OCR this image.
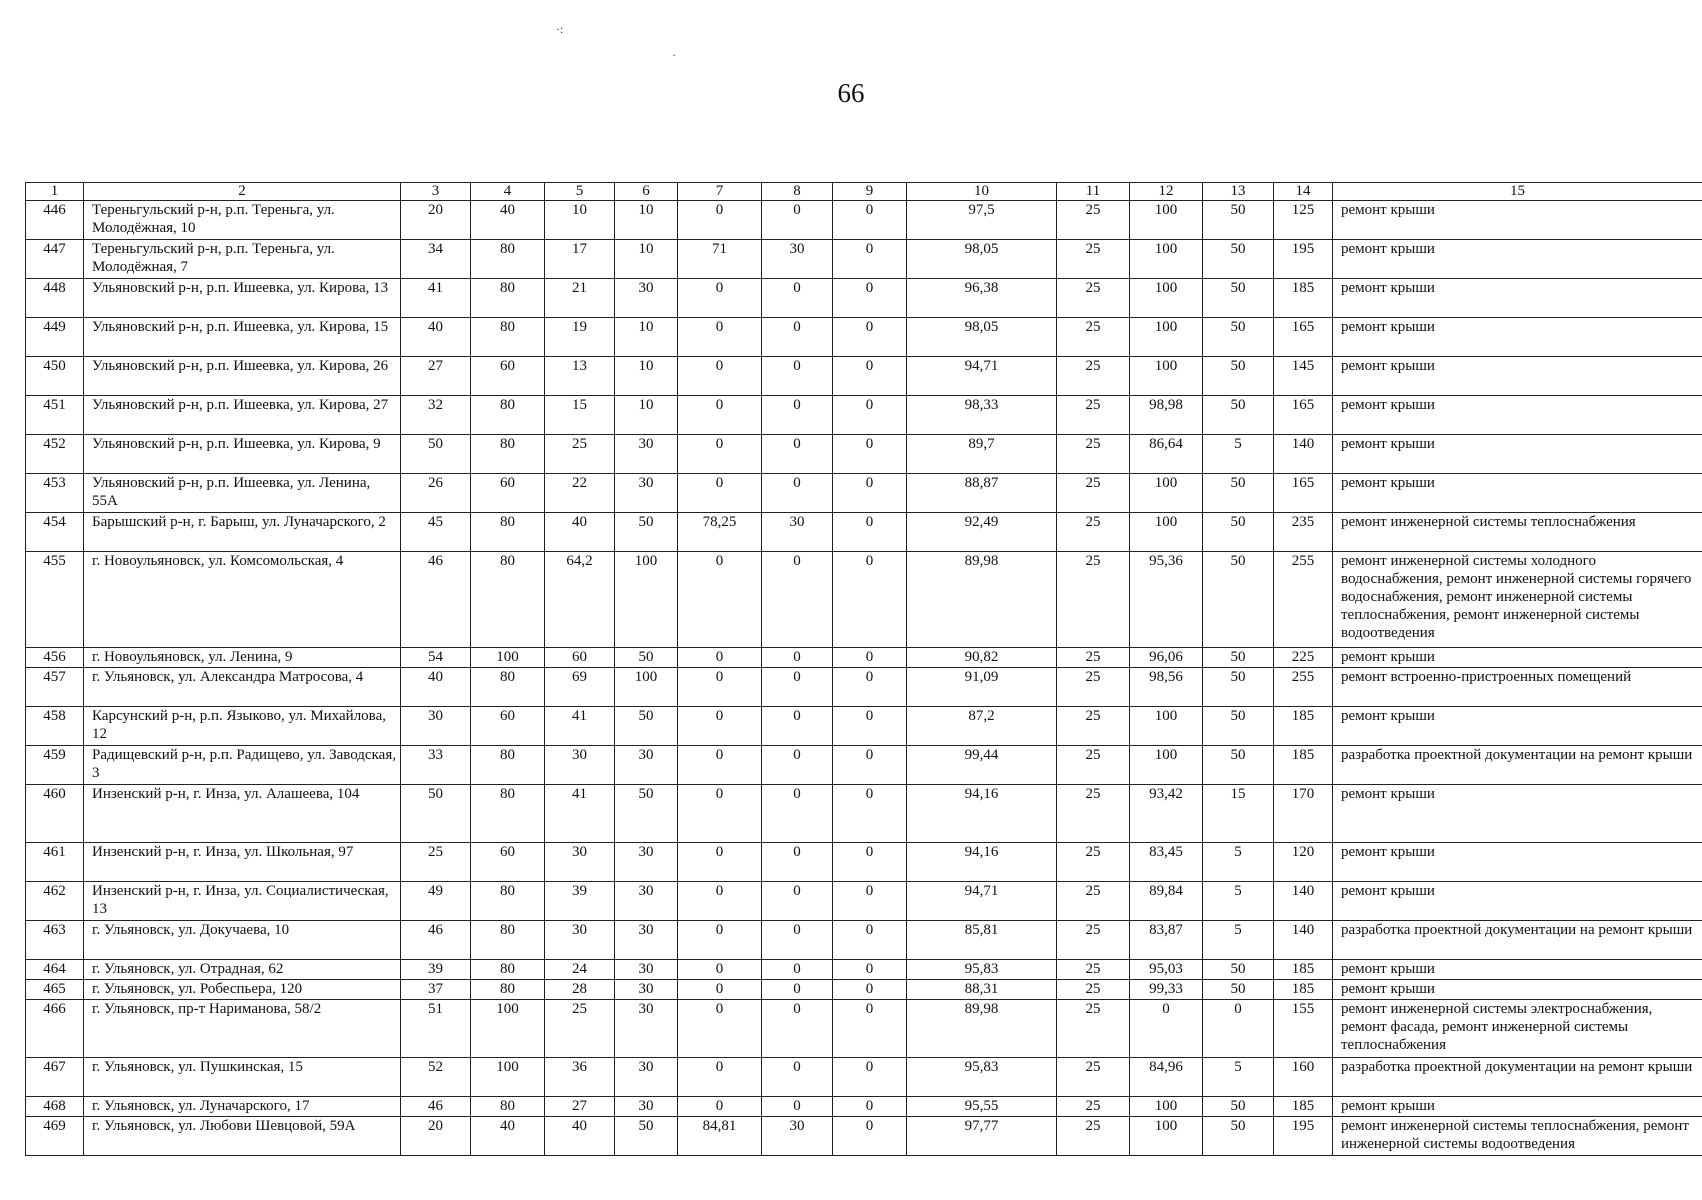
·:
·
66
1	2	3	4	5	6	7	8	9	10	11	12	13	14	15
446	Тереньгульский р-н, р.п. Тереньга, ул. Молодёжная, 10	20	40	10	10	0	0	0	97,5	25	100	50	125	ремонт крыши
447	Тереньгульский р-н, р.п. Тереньга, ул. Молодёжная, 7	34	80	17	10	71	30	0	98,05	25	100	50	195	ремонт крыши
448	Ульяновский р-н, р.п. Ишеевка, ул. Кирова, 13	41	80	21	30	0	0	0	96,38	25	100	50	185	ремонт крыши
449	Ульяновский р-н, р.п. Ишеевка, ул. Кирова, 15	40	80	19	10	0	0	0	98,05	25	100	50	165	ремонт крыши
450	Ульяновский р-н, р.п. Ишеевка, ул. Кирова, 26	27	60	13	10	0	0	0	94,71	25	100	50	145	ремонт крыши
451	Ульяновский р-н, р.п. Ишеевка, ул. Кирова, 27	32	80	15	10	0	0	0	98,33	25	98,98	50	165	ремонт крыши
452	Ульяновский р-н, р.п. Ишеевка, ул. Кирова, 9	50	80	25	30	0	0	0	89,7	25	86,64	5	140	ремонт крыши
453	Ульяновский р-н, р.п. Ишеевка, ул. Ленина, 55А	26	60	22	30	0	0	0	88,87	25	100	50	165	ремонт крыши
454	Барышский р-н, г. Барыш, ул. Луначарского, 2	45	80	40	50	78,25	30	0	92,49	25	100	50	235	ремонт инженерной системы теплоснабжения
455	г. Новоульяновск, ул. Комсомольская, 4	46	80	64,2	100	0	0	0	89,98	25	95,36	50	255	ремонт инженерной системы холодного водоснабжения, ремонт инженерной системы горячего водоснабжения, ремонт инженерной системы теплоснабжения, ремонт инженерной системы водоотведения
456	г. Новоульяновск, ул. Ленина, 9	54	100	60	50	0	0	0	90,82	25	96,06	50	225	ремонт крыши
457	г. Ульяновск, ул. Александра Матросова, 4	40	80	69	100	0	0	0	91,09	25	98,56	50	255	ремонт встроенно-пристроенных помещений
458	Карсунский р-н, р.п. Языково, ул. Михайлова, 12	30	60	41	50	0	0	0	87,2	25	100	50	185	ремонт крыши
459	Радищевский р-н, р.п. Радищево, ул. Заводская, 3	33	80	30	30	0	0	0	99,44	25	100	50	185	разработка проектной документации на ремонт крыши
460	Инзенский р-н, г. Инза, ул. Алашеева, 104	50	80	41	50	0	0	0	94,16	25	93,42	15	170	ремонт крыши
461	Инзенский р-н, г. Инза, ул. Школьная, 97	25	60	30	30	0	0	0	94,16	25	83,45	5	120	ремонт крыши
462	Инзенский р-н, г. Инза, ул. Социалистическая, 13	49	80	39	30	0	0	0	94,71	25	89,84	5	140	ремонт крыши
463	г. Ульяновск, ул. Докучаева, 10	46	80	30	30	0	0	0	85,81	25	83,87	5	140	разработка проектной документации на ремонт крыши
464	г. Ульяновск, ул. Отрадная, 62	39	80	24	30	0	0	0	95,83	25	95,03	50	185	ремонт крыши
465	г. Ульяновск, ул. Робеспьера, 120	37	80	28	30	0	0	0	88,31	25	99,33	50	185	ремонт крыши
466	г. Ульяновск, пр-т Нариманова, 58/2	51	100	25	30	0	0	0	89,98	25	0	0	155	ремонт инженерной системы электроснабжения, ремонт фасада, ремонт инженерной системы теплоснабжения
467	г. Ульяновск, ул. Пушкинская, 15	52	100	36	30	0	0	0	95,83	25	84,96	5	160	разработка проектной документации на ремонт крыши
468	г. Ульяновск, ул. Луначарского, 17	46	80	27	30	0	0	0	95,55	25	100	50	185	ремонт крыши
469	г. Ульяновск, ул. Любови Шевцовой, 59А	20	40	40	50	84,81	30	0	97,77	25	100	50	195	ремонт инженерной системы теплоснабжения, ремонт инженерной системы водоотведения
